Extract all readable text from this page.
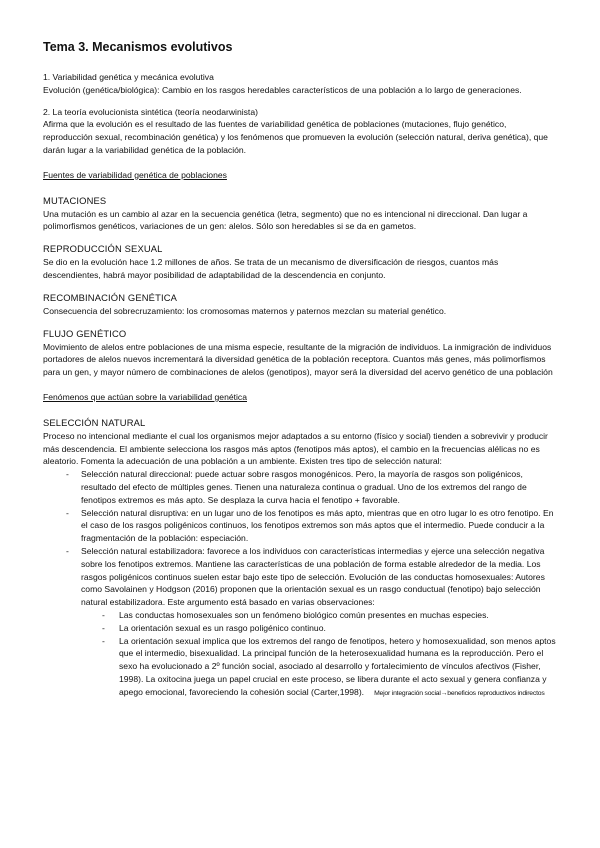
Tema 3. Mecanismos evolutivos

1. Variabilidad genética y mecánica evolutiva

Evolución (genética/biológica): Cambio en los rasgos heredables característicos de una población a lo largo de generaciones.

2. La teoría evolucionista sintética (teoría neodarwinista)

Afirma que la evolución es el resultado de las fuentes de variabilidad genética de poblaciones (mutaciones, flujo genético, reproducción sexual, recombinación genética) y los fenómenos que promueven la evolución (selección natural, deriva genética), que darán lugar a la variabilidad genética de la población.

Fuentes de variabilidad genética de poblaciones

MUTACIONES

Una mutación es un cambio al azar en la secuencia genética (letra, segmento) que no es intencional ni direccional. Dan lugar a polimorfismos genéticos, variaciones de un gen: alelos. Sólo son heredables si se da en gametos.

REPRODUCCIÓN SEXUAL

Se dio en la evolución hace 1.2 millones de años. Se trata de un mecanismo de diversificación de riesgos, cuantos más descendientes, habrá mayor posibilidad de adaptabilidad de la descendencia en conjunto.

RECOMBINACIÓN GENÉTICA

Consecuencia del sobrecruzamiento: los cromosomas maternos y paternos mezclan su material genético.

FLUJO GENÉTICO

Movimiento de alelos entre poblaciones de una misma especie, resultante de la migración de individuos. La inmigración de individuos portadores de alelos nuevos incrementará la diversidad genética de la población receptora. Cuantos más genes, más polimorfismos para un gen, y mayor número de combinaciones de alelos (genotipos), mayor será la diversidad del acervo genético de una población

Fenómenos que actúan sobre la variabilidad genética

SELECCIÓN NATURAL

Proceso no intencional mediante el cual los organismos mejor adaptados a su entorno (físico y social) tienden a sobrevivir y producir más descendencia. El ambiente selecciona los rasgos más aptos (fenotipos más aptos), el cambio en la frecuencias alélicas no es aleatorio. Fomenta la adecuación de una población a un ambiente. Existen tres tipo de selección natural:

- Selección natural direccional: puede actuar sobre rasgos monogénicos. Pero, la mayoría de rasgos son poligénicos, resultado del efecto de múltiples genes. Tienen una naturaleza continua o gradual. Uno de los extremos del rango de fenotipos extremos es más apto. Se desplaza la curva hacia el fenotipo + favorable.
- Selección natural disruptiva: en un lugar uno de los fenotipos es más apto, mientras que en otro lugar lo es otro fenotipo. En el caso de los rasgos poligénicos continuos, los fenotipos extremos son más aptos que el intermedio. Puede conducir a la fragmentación de la población: especiación.
- Selección natural estabilizadora: favorece a los individuos con características intermedias y ejerce una selección negativa sobre los fenotipos extremos. Mantiene las características de una población de forma estable alrededor de la media. Los rasgos poligénicos continuos suelen estar bajo este tipo de selección. Evolución de las conductas homosexuales: Autores como Savolainen y Hodgson (2016) proponen que la orientación sexual es un rasgo conductual (fenotipo) bajo selección natural estabilizadora. Este argumento está basado en varias observaciones:
- Las conductas homosexuales son un fenómeno biológico común presentes en muchas especies.
- La orientación sexual es un rasgo poligénico continuo.
- La orientación sexual implica que los extremos del rango de fenotipos, hetero y homosexualidad, son menos aptos que el intermedio, bisexualidad. La principal función de la heterosexualidad humana es la reproducción. Pero el sexo ha evolucionado a 2º función social, asociado al desarrollo y fortalecimiento de vínculos afectivos (Fisher, 1998). La oxitocina juega un papel crucial en este proceso, se libera durante el acto sexual y genera confianza y apego emocional, favoreciendo la cohesión social (Carter,1998). Mejor integración social→beneficios reproductivos indirectos
